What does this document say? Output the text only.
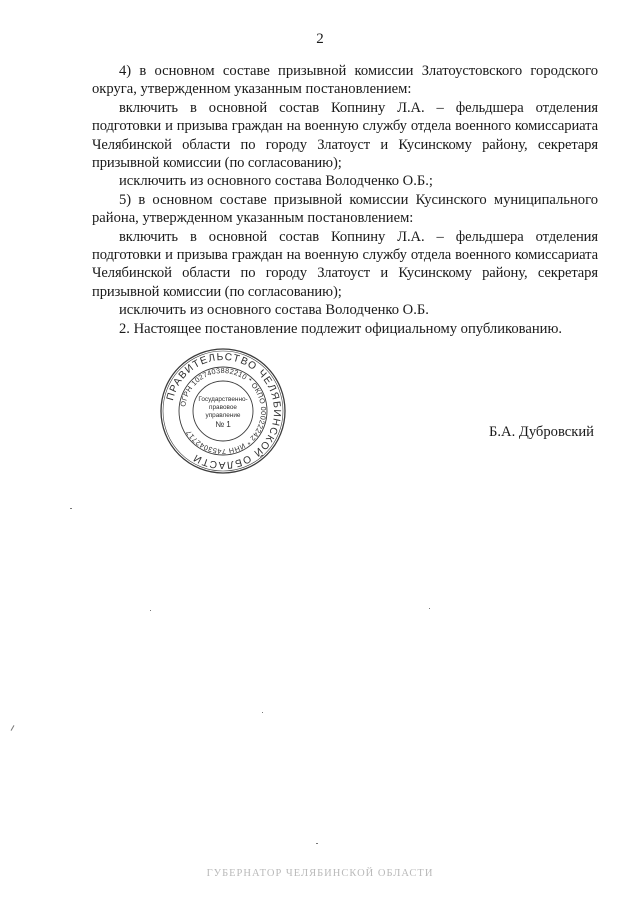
2

4) в основном составе призывной комиссии Златоустовского городского округа, утвержденном указанным постановлением:

включить в основной состав Копнину Л.А. – фельдшера отделения подготовки и призыва граждан на военную службу отдела военного комиссариата Челябинской области по городу Златоуст и Кусинскому району, секретаря призывной комиссии (по согласованию);

исключить из основного состава Володченко О.Б.;

5) в основном составе призывной комиссии Кусинского муниципального района, утвержденном указанным постановлением:

включить в основной состав Копнину Л.А. – фельдшера отделения подготовки и призыва граждан на военную службу отдела военного комиссариата Челябинской области по городу Златоуст и Кусинскому району, секретаря призывной комиссии (по согласованию);

исключить из основного состава Володченко О.Б.

2. Настоящее постановление подлежит официальному опубликованию.

ПРАВИТЕЛЬСТВО ЧЕЛЯБИНСКОЙ ОБЛАСТИ
ОГРН 1027403882210 * ОКПО 00022242 * ИНН 7453042717
Государственно-
правовое
управление
№ 1	Б.А. Дубровский
ГУБЕРНАТОР ЧЕЛЯБИНСКОЙ ОБЛАСТИ
